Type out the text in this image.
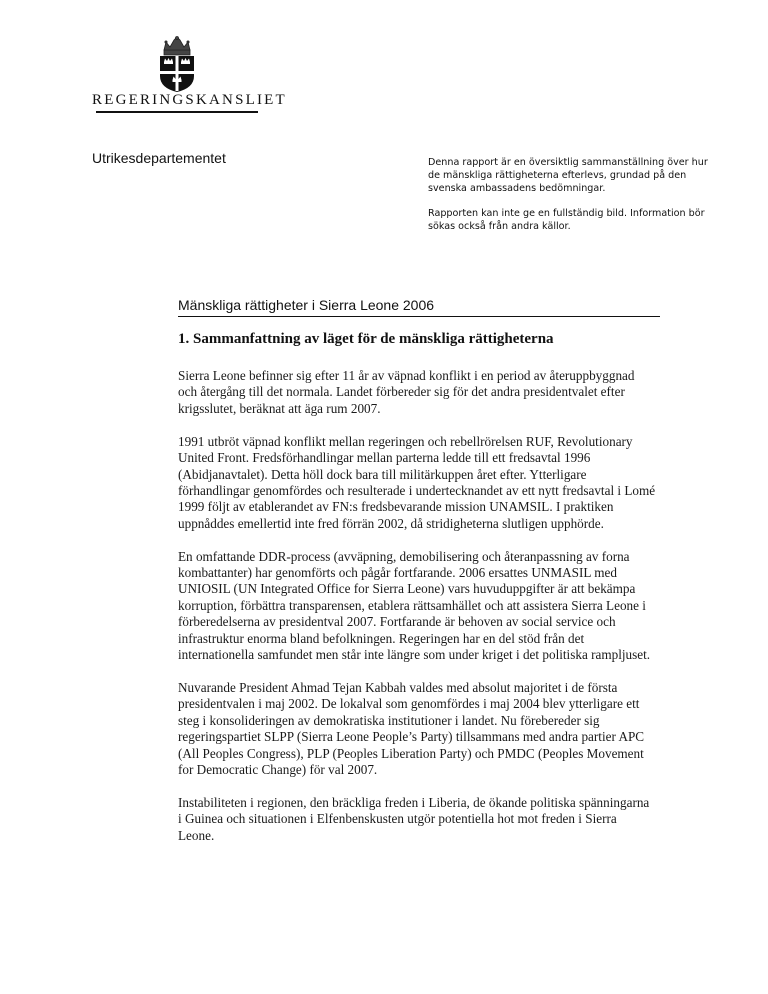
REGERINGSKANSLIET
Utrikesdepartementet	Denna rapport är en översiktlig sammanställning över hur de mänskliga rättigheterna efterlevs, grundad på den svenska ambassadens bedömningar.

Rapporten kan inte ge en fullständig bild. Information bör sökas också från andra källor.

Mänskliga rättigheter i Sierra Leone 2006
1. Sammanfattning av läget för de mänskliga rättigheterna

Sierra Leone befinner sig efter 11 år av väpnad konflikt i en period av återuppbyggnad och återgång till det normala. Landet förbereder sig för det andra presidentvalet efter krigsslutet, beräknat att äga rum 2007.

1991 utbröt väpnad konflikt mellan regeringen och rebellrörelsen RUF, Revolutionary United Front. Fredsförhandlingar mellan parterna ledde till ett fredsavtal 1996 (Abidjanavtalet). Detta höll dock bara till militärkuppen året efter. Ytterligare förhandlingar genomfördes och resulterade i undertecknandet av ett nytt fredsavtal i Lomé 1999 följt av etablerandet av FN:s fredsbevarande mission UNAMSIL. I praktiken uppnåddes emellertid inte fred förrän 2002, då stridigheterna slutligen upphörde.

En omfattande DDR-process (avväpning, demobilisering och återanpassning av forna kombattanter) har genomförts och pågår fortfarande. 2006 ersattes UNMASIL med UNIOSIL (UN Integrated Office for Sierra Leone) vars huvuduppgifter är att bekämpa korruption, förbättra transparensen, etablera rättsamhället och att assistera Sierra Leone i förberedelserna av presidentval 2007. Fortfarande är behoven av social service och infrastruktur enorma bland befolkningen. Regeringen har en del stöd från det internationella samfundet men står inte längre som under kriget i det politiska rampljuset.

Nuvarande President Ahmad Tejan Kabbah valdes med absolut majoritet i de första presidentvalen i maj 2002. De lokalval som genomfördes i maj 2004 blev ytterligare ett steg i konsolideringen av demokratiska institutioner i landet. Nu förebereder sig regeringspartiet SLPP (Sierra Leone People’s Party) tillsammans med andra partier APC (All Peoples Congress), PLP (Peoples Liberation Party) och PMDC (Peoples Movement for Democratic Change) för val 2007.

Instabiliteten i regionen, den bräckliga freden i Liberia, de ökande politiska spänningarna i Guinea och situationen i Elfenbenskusten utgör potentiella hot mot freden i Sierra Leone.
